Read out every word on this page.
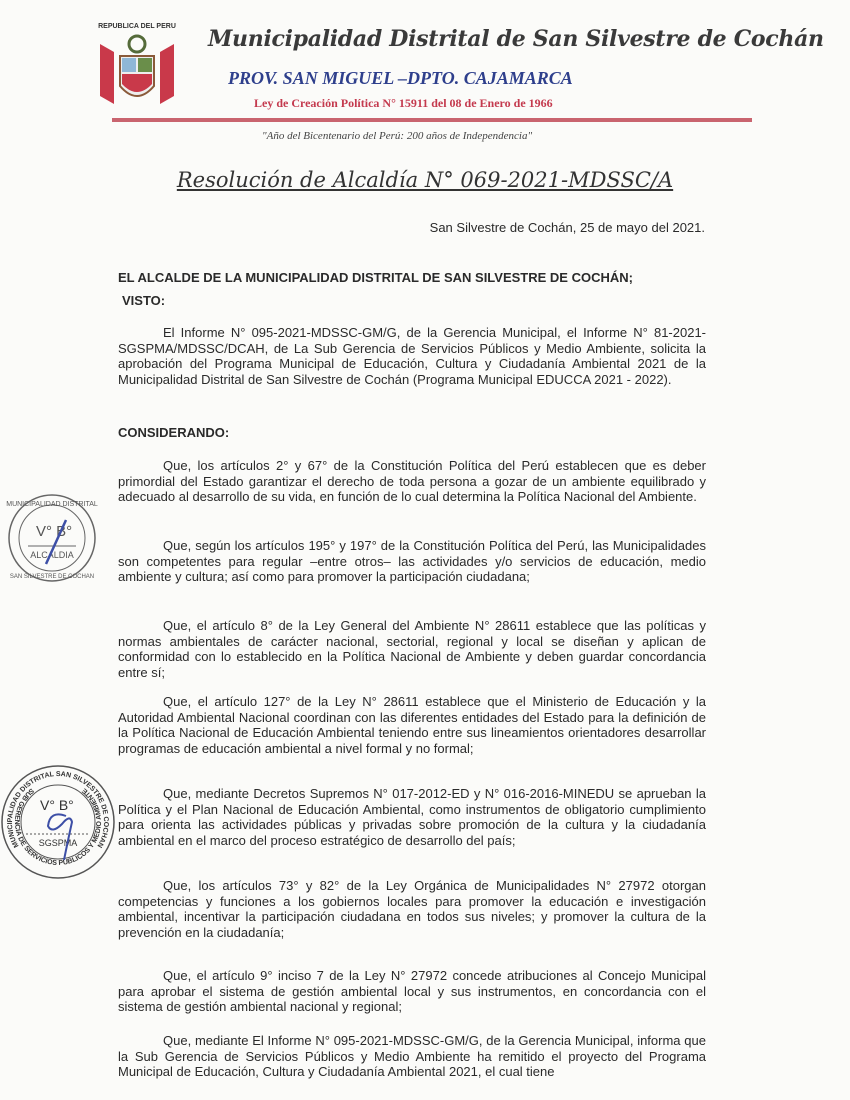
REPUBLICA DEL PERU Municipalidad Distrital de San Silvestre de Cochán
PROV. SAN MIGUEL –DPTO. CAJAMARCA
Ley de Creación Política N° 15911 del 08 de Enero de 1966
"Año del Bicentenario del Perú: 200 años de Independencia"
Resolución de Alcaldía N° 069-2021-MDSSC/A
San Silvestre de Cochán, 25 de mayo del 2021.
EL ALCALDE DE LA MUNICIPALIDAD DISTRITAL DE SAN SILVESTRE DE COCHÁN;
VISTO:
El Informe N° 095-2021-MDSSC-GM/G, de la Gerencia Municipal, el Informe N° 81-2021-SGSPMA/MDSSC/DCAH, de La Sub Gerencia de Servicios Públicos y Medio Ambiente, solicita la aprobación del Programa Municipal de Educación, Cultura y Ciudadanía Ambiental 2021 de la Municipalidad Distrital de San Silvestre de Cochán (Programa Municipal EDUCCA 2021 - 2022).
CONSIDERANDO:
Que, los artículos 2° y 67° de la Constitución Política del Perú establecen que es deber primordial del Estado garantizar el derecho de toda persona a gozar de un ambiente equilibrado y adecuado al desarrollo de su vida, en función de lo cual determina la Política Nacional del Ambiente.
Que, según los artículos 195° y 197° de la Constitución Política del Perú, las Municipalidades son competentes para regular –entre otros– las actividades y/o servicios de educación, medio ambiente y cultura; así como para promover la participación ciudadana;
Que, el artículo 8° de la Ley General del Ambiente N° 28611 establece que las políticas y normas ambientales de carácter nacional, sectorial, regional y local se diseñan y aplican de conformidad con lo establecido en la Política Nacional de Ambiente y deben guardar concordancia entre sí;
Que, el artículo 127° de la Ley N° 28611 establece que el Ministerio de Educación y la Autoridad Ambiental Nacional coordinan con las diferentes entidades del Estado para la definición de la Política Nacional de Educación Ambiental teniendo entre sus lineamientos orientadores desarrollar programas de educación ambiental a nivel formal y no formal;
Que, mediante Decretos Supremos N° 017-2012-ED y N° 016-2016-MINEDU se aprueban la Política y el Plan Nacional de Educación Ambiental, como instrumentos de obligatorio cumplimiento para orienta las actividades públicas y privadas sobre promoción de la cultura y la ciudadanía ambiental en el marco del proceso estratégico de desarrollo del país;
Que, los artículos 73° y 82° de la Ley Orgánica de Municipalidades N° 27972 otorgan competencias y funciones a los gobiernos locales para promover la educación e investigación ambiental, incentivar la participación ciudadana en todos sus niveles; y promover la cultura de la prevención en la ciudadanía;
Que, el artículo 9° inciso 7 de la Ley N° 27972 concede atribuciones al Concejo Municipal para aprobar el sistema de gestión ambiental local y sus instrumentos, en concordancia con el sistema de gestión ambiental nacional y regional;
Que, mediante El Informe N° 095-2021-MDSSC-GM/G, de la Gerencia Municipal, informa que la Sub Gerencia de Servicios Públicos y Medio Ambiente ha remitido el proyecto del Programa Municipal de Educación, Cultura y Ciudadanía Ambiental 2021, el cual tiene
MUNICIPALIDAD DISTRITAL
V° B°
ALCALDIA
SAN SILVESTRE DE COCHAN
MUNICIPALIDAD DISTRITAL SAN SILVESTRE DE COCHAN
SUB GERENCIA DE SERVICIOS PUBLICOS Y MEDIO AMBIENTE
V° B°
SGSPMA
